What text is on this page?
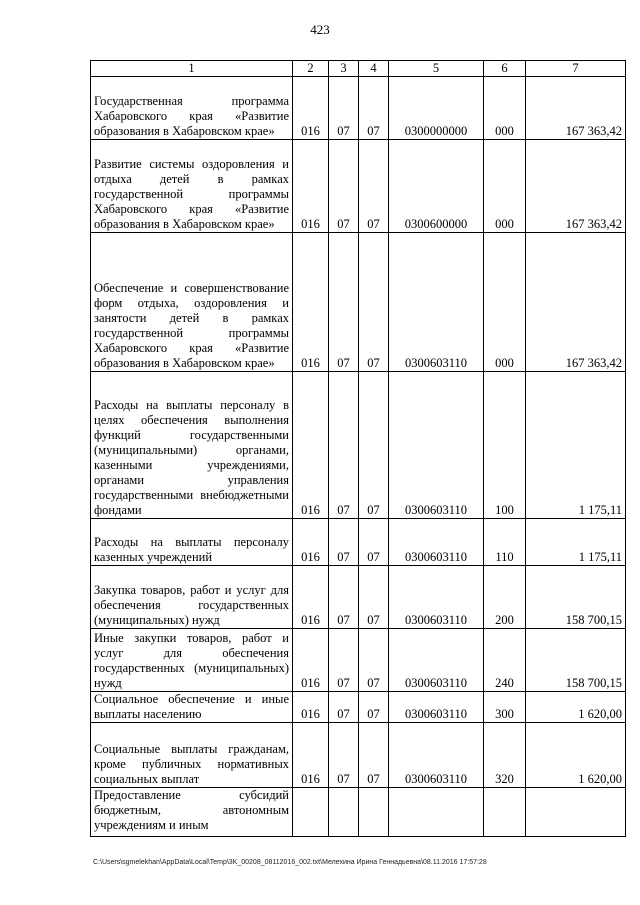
423
1	2	3	4	5	6	7
Государственная программа Хабаровского края «Развитие образования в Хабаровском крае»	016	07	07	0300000000	000	167 363,42
Развитие системы оздоровления и отдыха детей в рамках государственной программы Хабаровского края «Развитие образования в Хабаровском крае»	016	07	07	0300600000	000	167 363,42
Обеспечение и совершенствование форм отдыха, оздоровления и занятости детей в рамках государственной программы Хабаровского края «Развитие образования в Хабаровском крае»	016	07	07	0300603110	000	167 363,42
Расходы на выплаты персоналу в целях обеспечения выполнения функций государственными (муниципальными) органами, казенными учреждениями, органами управления государственными внебюджетными фондами	016	07	07	0300603110	100	1 175,11
Расходы на выплаты персоналу казенных учреждений	016	07	07	0300603110	110	1 175,11
Закупка товаров, работ и услуг для обеспечения государственных (муниципальных) нужд	016	07	07	0300603110	200	158 700,15
Иные закупки товаров, работ и услуг для обеспечения государственных (муниципальных) нужд	016	07	07	0300603110	240	158 700,15
Социальное обеспечение и иные выплаты населению	016	07	07	0300603110	300	1 620,00
Социальные выплаты гражданам, кроме публичных нормативных социальных выплат	016	07	07	0300603110	320	1 620,00
Предоставление субсидий бюджетным, автономным учреждениям и иным						
C:\Users\sgmelekhan\AppData\Local\Temp\3K_00208_08112016_002.txt\Мелехина Ирина Геннадьевна\08.11.2016 17:57:28
